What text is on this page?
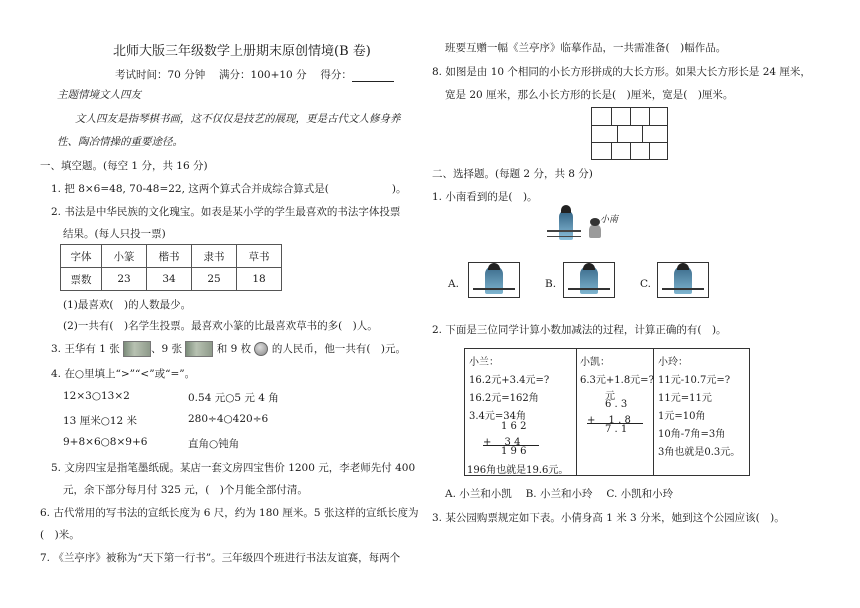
北师大版三年级数学上册期末原创情境(B 卷)
考试时间：70 分钟　 满分：100+10 分　 得分：
主题情境文人四友
文人四友是指琴棋书画，这不仅仅是技艺的展现，更是古代文人修身养
性、陶冶情操的重要途径。
一、填空题。(每空 1 分，共 16 分)
1. 把 8×6=48, 70-48=22, 这两个算式合并成综合算式是(　　　　　　)。
2. 书法是中华民族的文化瑰宝。如表是某小学的学生最喜欢的书法字体投票
结果。(每人只投一票)
字体	小篆	楷书	隶书	草书
票数	23	34	25	18
(1)最喜欢(　)的人数最少。
(2)一共有(　)名学生投票。最喜欢小篆的比最喜欢草书的多(　)人。
3. 王华有 1 张	、9 张	和 9 枚 的人民币，他一共有(　)元。
4. 在○里填上“>”“<”或“=”。
12×3○13×2	0.54 元○5 元 4 角
13 厘米○12 米	280÷4○420÷6
9+8×6○8×9+6	直角○钝角
5. 文房四宝是指笔墨纸砚。某店一套文房四宝售价 1200 元，李老师先付 400
元，余下部分每月付 325 元，(　)个月能全部付清。
6. 古代常用的写书法的宣纸长度为 6 尺，约为 180 厘米。5 张这样的宣纸长度为
(　)米。
7. 《兰亭序》被称为“天下第一行书”。三年级四个班进行书法友谊赛，每两个
班要互赠一幅《兰亭序》临摹作品，一共需准备(　)幅作品。
8. 如图是由 10 个相同的小长方形拼成的大长方形。如果大长方形长是 24 厘米，
宽是 20 厘米，那么小长方形的长是(　)厘米，宽是(　)厘米。
二、选择题。(每题 2 分，共 8 分)
1. 小南看到的是(　)。
小南
A.	B.	C.
2. 下面是三位同学计算小数加减法的过程，计算正确的有(　)。
小兰：
16.2元+3.4元=?
16.2元=162角
3.4元=34角
1 6 2
+ 　3 4
1 9 6
196角也就是19.6元。
小凯：
6.3元+1.8元=?
元
6 . 3
+ 　1 . 8
7 . 1
小玲：
11元-10.7元=?
11元=11元
1元=10角
10角-7角=3角
3角也就是0.3元。
A. 小兰和小凯　 B. 小兰和小玲　 C. 小凯和小玲
3. 某公园购票规定如下表。小倩身高 1 米 3 分米，她到这个公园应该(　)。
